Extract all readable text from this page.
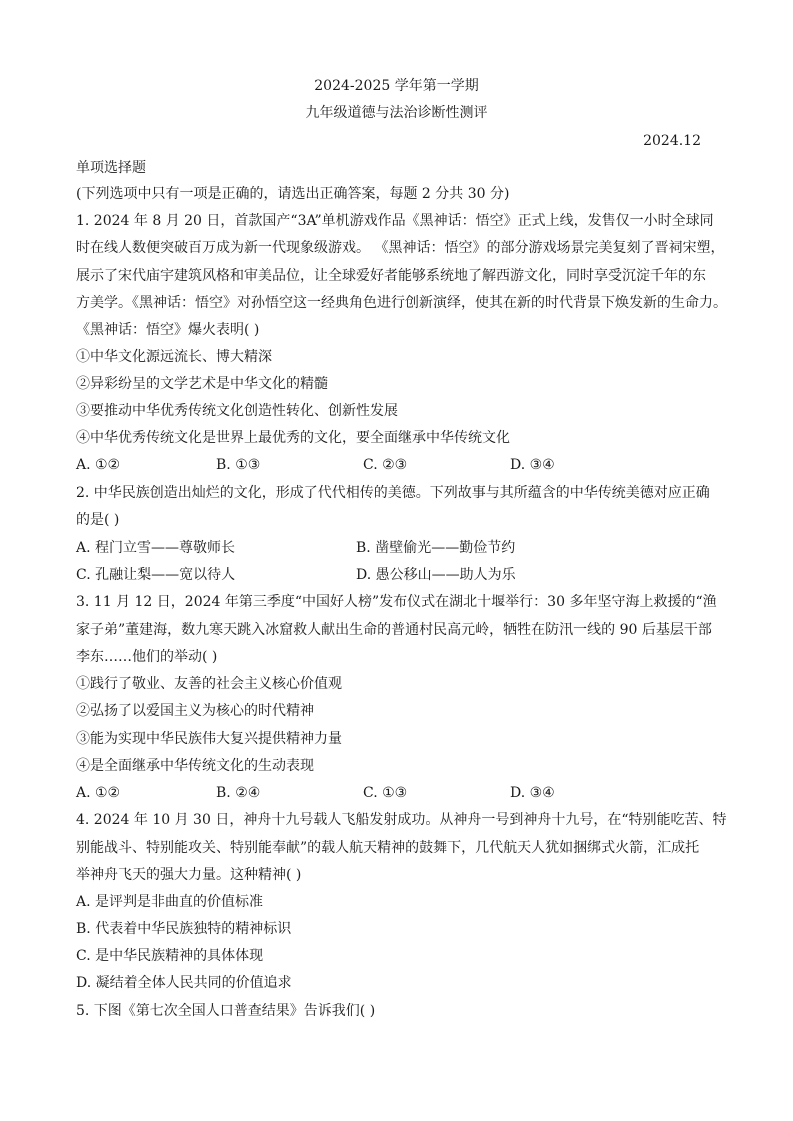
2024-2025 学年第一学期
九年级道德与法治诊断性测评
2024.12
单项选择题
(下列选项中只有一项是正确的，请选出正确答案，每题 2 分共 30 分)
1. 2024 年 8 月 20 日，首款国产“3A”单机游戏作品《黑神话：悟空》正式上线，发售仅一小时全球同
时在线人数便突破百万成为新一代现象级游戏。 《黑神话：悟空》的部分游戏场景完美复刻了晋祠宋塑，
展示了宋代庙宇建筑风格和审美品位，让全球爱好者能够系统地了解西游文化，同时享受沉淀千年的东
方美学。《黑神话：悟空》对孙悟空这一经典角色进行创新演绎，使其在新的时代背景下焕发新的生命力。
《黑神话：悟空》爆火表明( )
①中华文化源远流长、博大精深
②异彩纷呈的文学艺术是中华文化的精髓
③要推动中华优秀传统文化创造性转化、创新性发展
④中华优秀传统文化是世界上最优秀的文化，要全面继承中华传统文化
A. ①②	B. ①③	C. ②③	D. ③④
2. 中华民族创造出灿烂的文化，形成了代代相传的美德。下列故事与其所蕴含的中华传统美德对应正确
的是( )
A. 程门立雪——尊敬师长	B. 凿壁偷光——勤俭节约
C. 孔融让梨——宽以待人	D. 愚公移山——助人为乐
3. 11 月 12 日，2024 年第三季度“中国好人榜”发布仪式在湖北十堰举行：30 多年坚守海上救援的“渔
家子弟”董建海，数九寒天跳入冰窟救人献出生命的普通村民高元岭，牺牲在防汛一线的 90 后基层干部
李东……他们的举动( )
①践行了敬业、友善的社会主义核心价值观
②弘扬了以爱国主义为核心的时代精神
③能为实现中华民族伟大复兴提供精神力量
④是全面继承中华传统文化的生动表现
A. ①②	B. ②④	C. ①③	D. ③④
4. 2024 年 10 月 30 日，神舟十九号载人飞船发射成功。从神舟一号到神舟十九号，在“特别能吃苦、特
别能战斗、特别能攻关、特别能奉献”的载人航天精神的鼓舞下，几代航天人犹如捆绑式火箭，汇成托
举神舟飞天的强大力量。这种精神( )
A. 是评判是非曲直的价值标准
B. 代表着中华民族独特的精神标识
C. 是中华民族精神的具体体现
D. 凝结着全体人民共同的价值追求
5. 下图《第七次全国人口普查结果》告诉我们( )
